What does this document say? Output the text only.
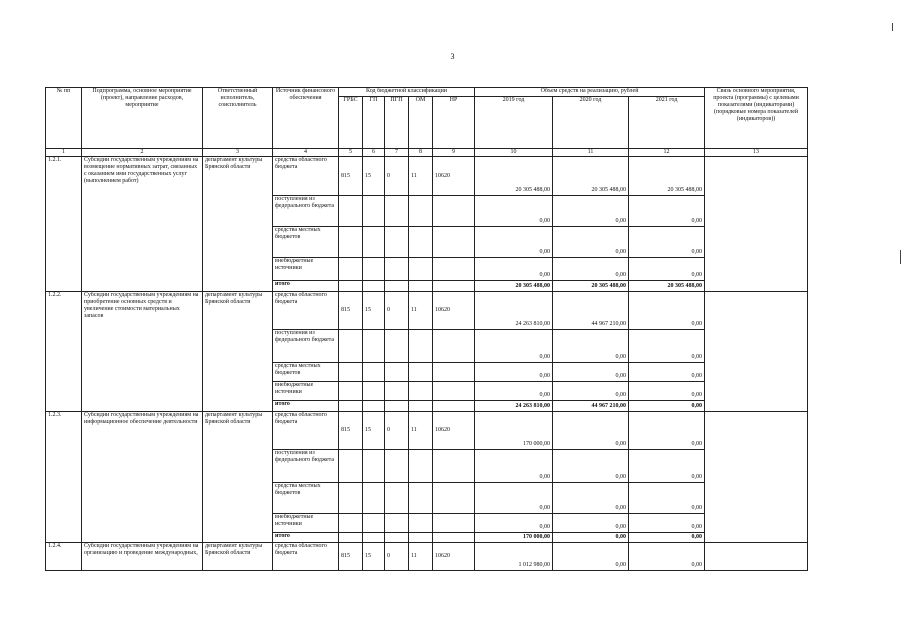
3
№ пп	Подпрограмма, основное мероприятие (проект), направление расходов, мероприятие	Ответственный исполнитель, соисполнитель	Источник финансового обеспечения	Код бюджетной классификации					Объем средств на реализацию, рублей			Связь основного мероприятия, проекта (программы) с целевыми показателями (индикаторами) (порядковые номера показателей (индикаторов))
				ГРБС	ГП	ПГП	ОМ	НР	2019 год	2020 год	2021 год	
1	2	3	4	5	6	7	8	9	10	11	12	13
1.2.1.	Субсидии государственным учреждениям на возмещение нормативных затрат, связанных с оказанием ими государственных услуг (выполнением работ)	департамент культуры Брянской области	средства областного бюджета	815	15	0	11	10620	20 305 488,00	20 305 488,00	20 305 488,00	
			поступления из федерального бюджета						0,00	0,00	0,00	
			средства местных бюджетов						0,00	0,00	0,00	
			внебюджетные источники						0,00	0,00	0,00	
			итого						20 305 488,00	20 305 488,00	20 305 488,00	
1.2.2.	Субсидии государственным учреждениям на приобретение основных средств и увеличение стоимости материальных запасов	департамент культуры Брянской области	средства областного бюджета	815	15	0	11	10620	24 263 810,00	44 967 210,00	0,00	
			поступления из федерального бюджета						0,00	0,00	0,00	
			средства местных бюджетов						0,00	0,00	0,00	
			внебюджетные источники						0,00	0,00	0,00	
			итого						24 263 810,00	44 967 210,00	0,00	
1.2.3.	Субсидии государственным учреждениям на информационное обеспечение деятельности	департамент культуры Брянской области	средства областного бюджета	815	15	0	11	10620	170 000,00	0,00	0,00	
			поступления из федерального бюджета						0,00	0,00	0,00	
			средства местных бюджетов						0,00	0,00	0,00	
			внебюджетные источники						0,00	0,00	0,00	
			итого						170 000,00	0,00	0,00	
1.2.4.	Субсидии государственным учреждениям на организацию и проведение международных,	департамент культуры Брянской области	средства областного бюджета	815	15	0	11	10620	1 012 980,00	0,00	0,00	
